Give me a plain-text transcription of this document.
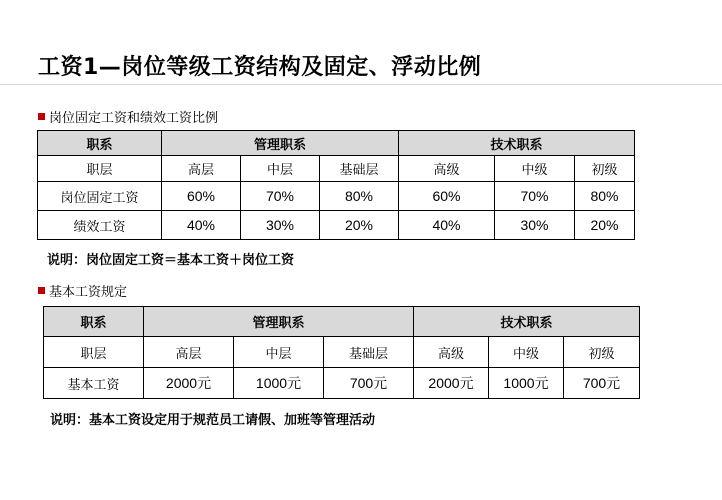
工资1—岗位等级工资结构及固定、浮动比例
岗位固定工资和绩效工资比例
职系	管理职系			技术职系		
职层	高层	中层	基础层	高级	中级	初级
岗位固定工资	60%	70%	80%	60%	70%	80%
绩效工资	40%	30%	20%	40%	30%	20%
说明：岗位固定工资＝基本工资＋岗位工资
基本工资规定
职系	管理职系			技术职系		
职层	高层	中层	基础层	高级	中级	初级
基本工资	2000元	1000元	700元	2000元	1000元	700元
说明：基本工资设定用于规范员工请假、加班等管理活动
